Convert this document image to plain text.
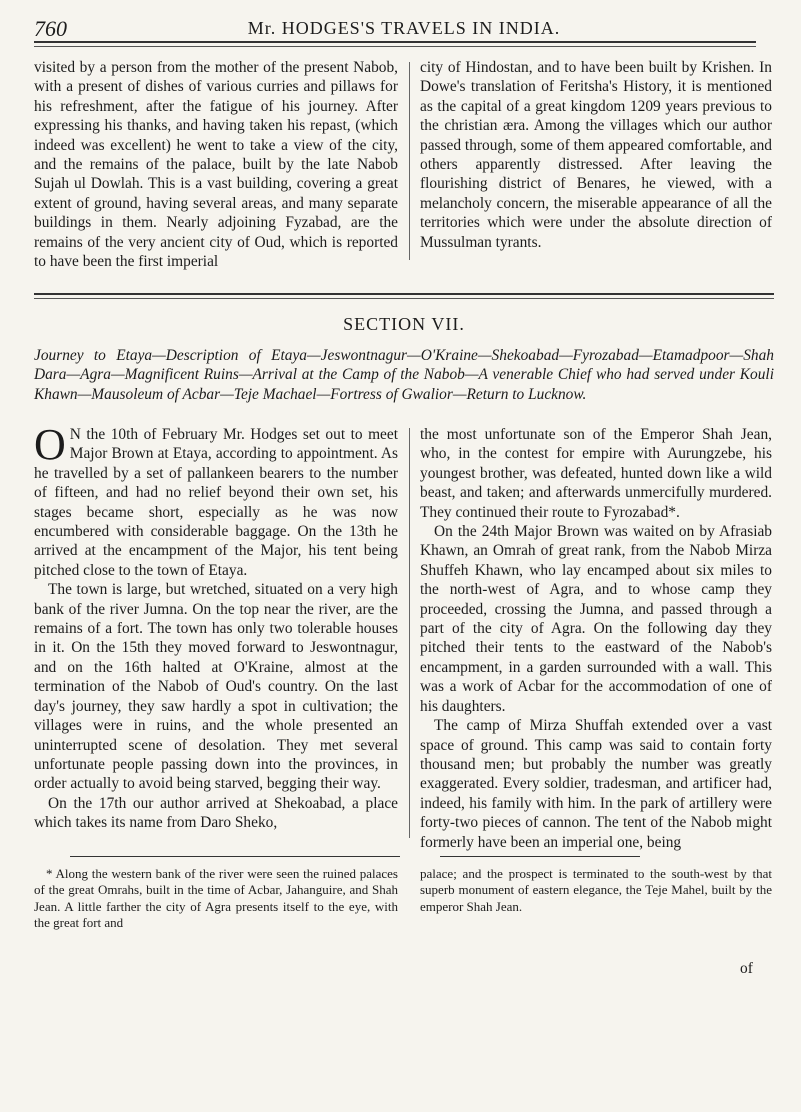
760	Mr. HODGES'S TRAVELS IN INDIA.

visited by a person from the mother of the present Nabob, with a present of dishes of various curries and pillaws for his refreshment, after the fatigue of his journey. After expressing his thanks, and having taken his repast, (which indeed was excellent) he went to take a view of the city, and the remains of the palace, built by the late Nabob Sujah ul Dowlah. This is a vast building, covering a great extent of ground, having several areas, and many separate buildings in them. Nearly adjoining Fyzabad, are the remains of the very ancient city of Oud, which is reported to have been the first imperial

city of Hindostan, and to have been built by Krishen. In Dowe's translation of Feritsha's History, it is mentioned as the capital of a great kingdom 1209 years previous to the christian æra. Among the villages which our author passed through, some of them appeared comfortable, and others apparently distressed. After leaving the flourishing district of Benares, he viewed, with a melancholy concern, the miserable appearance of all the territories which were under the absolute direction of Mussulman tyrants.

SECTION VII.
Journey to Etaya—Description of Etaya—Jeswontnagur—O'Kraine—Shekoabad—Fyrozabad—Etamadpoor—Shah Dara—Agra—Magnificent Ruins—Arrival at the Camp of the Nabob—A venerable Chief who had served under Kouli Khawn—Mausoleum of Acbar—Teje Machael—Fortress of Gwalior—Return to Lucknow.

O N the 10th of February Mr. Hodges set out to meet Major Brown at Etaya, according to appointment. As he travelled by a set of pallankeen bearers to the number of fifteen, and had no relief beyond their own set, his stages became short, especially as he was now encumbered with considerable baggage. On the 13th he arrived at the encampment of the Major, his tent being pitched close to the town of Etaya.

The town is large, but wretched, situated on a very high bank of the river Jumna. On the top near the river, are the remains of a fort. The town has only two tolerable houses in it. On the 15th they moved forward to Jeswontnagur, and on the 16th halted at O'Kraine, almost at the termination of the Nabob of Oud's country. On the last day's journey, they saw hardly a spot in cultivation; the villages were in ruins, and the whole presented an uninterrupted scene of desolation. They met several unfortunate people passing down into the provinces, in order actually to avoid being starved, begging their way.

On the 17th our author arrived at Shekoabad, a place which takes its name from Daro Sheko,

the most unfortunate son of the Emperor Shah Jean, who, in the contest for empire with Aurungzebe, his youngest brother, was defeated, hunted down like a wild beast, and taken; and afterwards unmercifully murdered. They continued their route to Fyrozabad*.

On the 24th Major Brown was waited on by Afrasiab Khawn, an Omrah of great rank, from the Nabob Mirza Shuffeh Khawn, who lay encamped about six miles to the north-west of Agra, and to whose camp they proceeded, crossing the Jumna, and passed through a part of the city of Agra. On the following day they pitched their tents to the eastward of the Nabob's encampment, in a garden surrounded with a wall. This was a work of Acbar for the accommodation of one of his daughters.

The camp of Mirza Shuffah extended over a vast space of ground. This camp was said to contain forty thousand men; but probably the number was greatly exaggerated. Every soldier, tradesman, and artificer had, indeed, his family with him. In the park of artillery were forty-two pieces of cannon. The tent of the Nabob might formerly have been an imperial one, being

* Along the western bank of the river were seen the ruined palaces of the great Omrahs, built in the time of Acbar, Jahanguire, and Shah Jean. A little farther the city of Agra presents itself to the eye, with the great fort and

palace; and the prospect is terminated to the south-west by that superb monument of eastern elegance, the Teje Mahel, built by the emperor Shah Jean.

of
